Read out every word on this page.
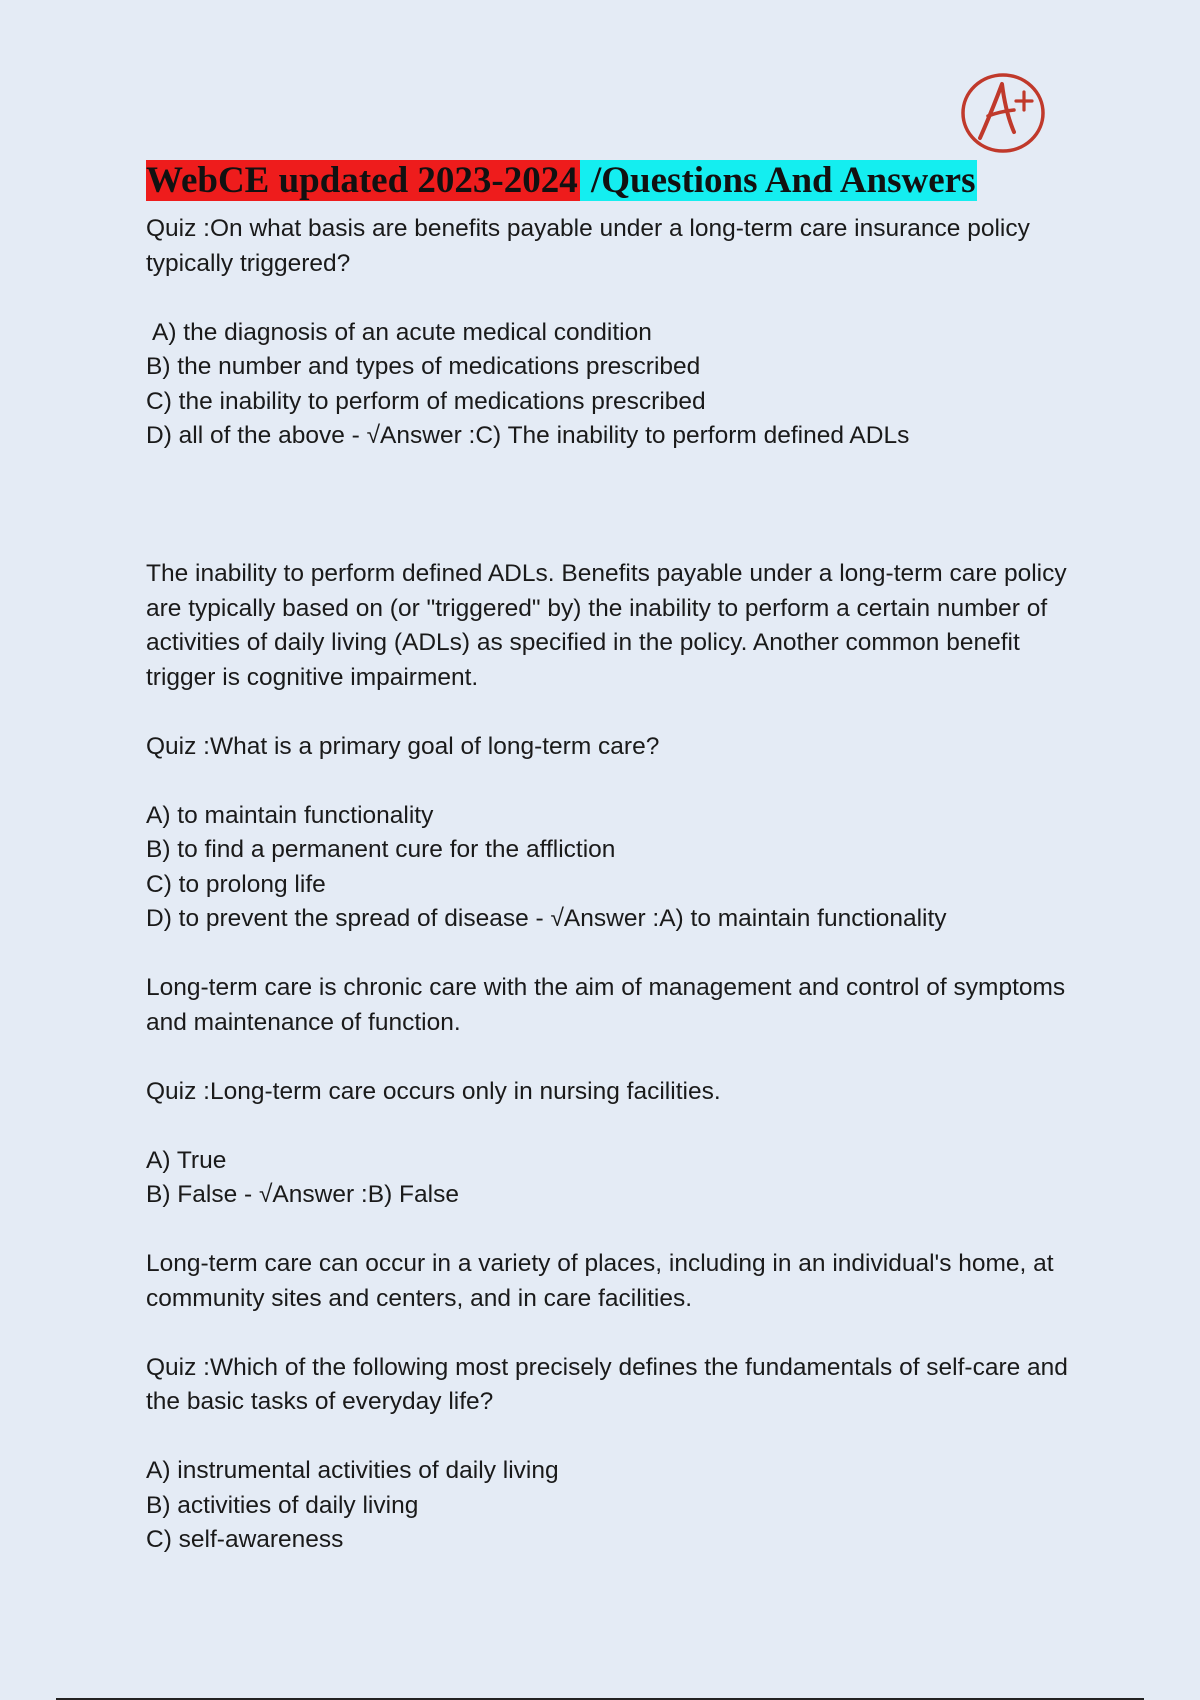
WebCE updated 2023-2024 /Questions And Answers

Quiz :On what basis are benefits payable under a long-term care insurance policy typically triggered?

A) the diagnosis of an acute medical condition
B) the number and types of medications prescribed
C) the inability to perform of medications prescribed
D) all of the above - √Answer :C) The inability to perform defined ADLs

The inability to perform defined ADLs. Benefits payable under a long-term care policy are typically based on (or "triggered" by) the inability to perform a certain number of activities of daily living (ADLs) as specified in the policy. Another common benefit trigger is cognitive impairment.

Quiz :What is a primary goal of long-term care?

A) to maintain functionality
B) to find a permanent cure for the affliction
C) to prolong life
D) to prevent the spread of disease - √Answer :A) to maintain functionality

Long-term care is chronic care with the aim of management and control of symptoms and maintenance of function.

Quiz :Long-term care occurs only in nursing facilities.

A) True
B) False - √Answer :B) False

Long-term care can occur in a variety of places, including in an individual's home, at community sites and centers, and in care facilities.

Quiz :Which of the following most precisely defines the fundamentals of self-care and the basic tasks of everyday life?

A) instrumental activities of daily living
B) activities of daily living
C) self-awareness
